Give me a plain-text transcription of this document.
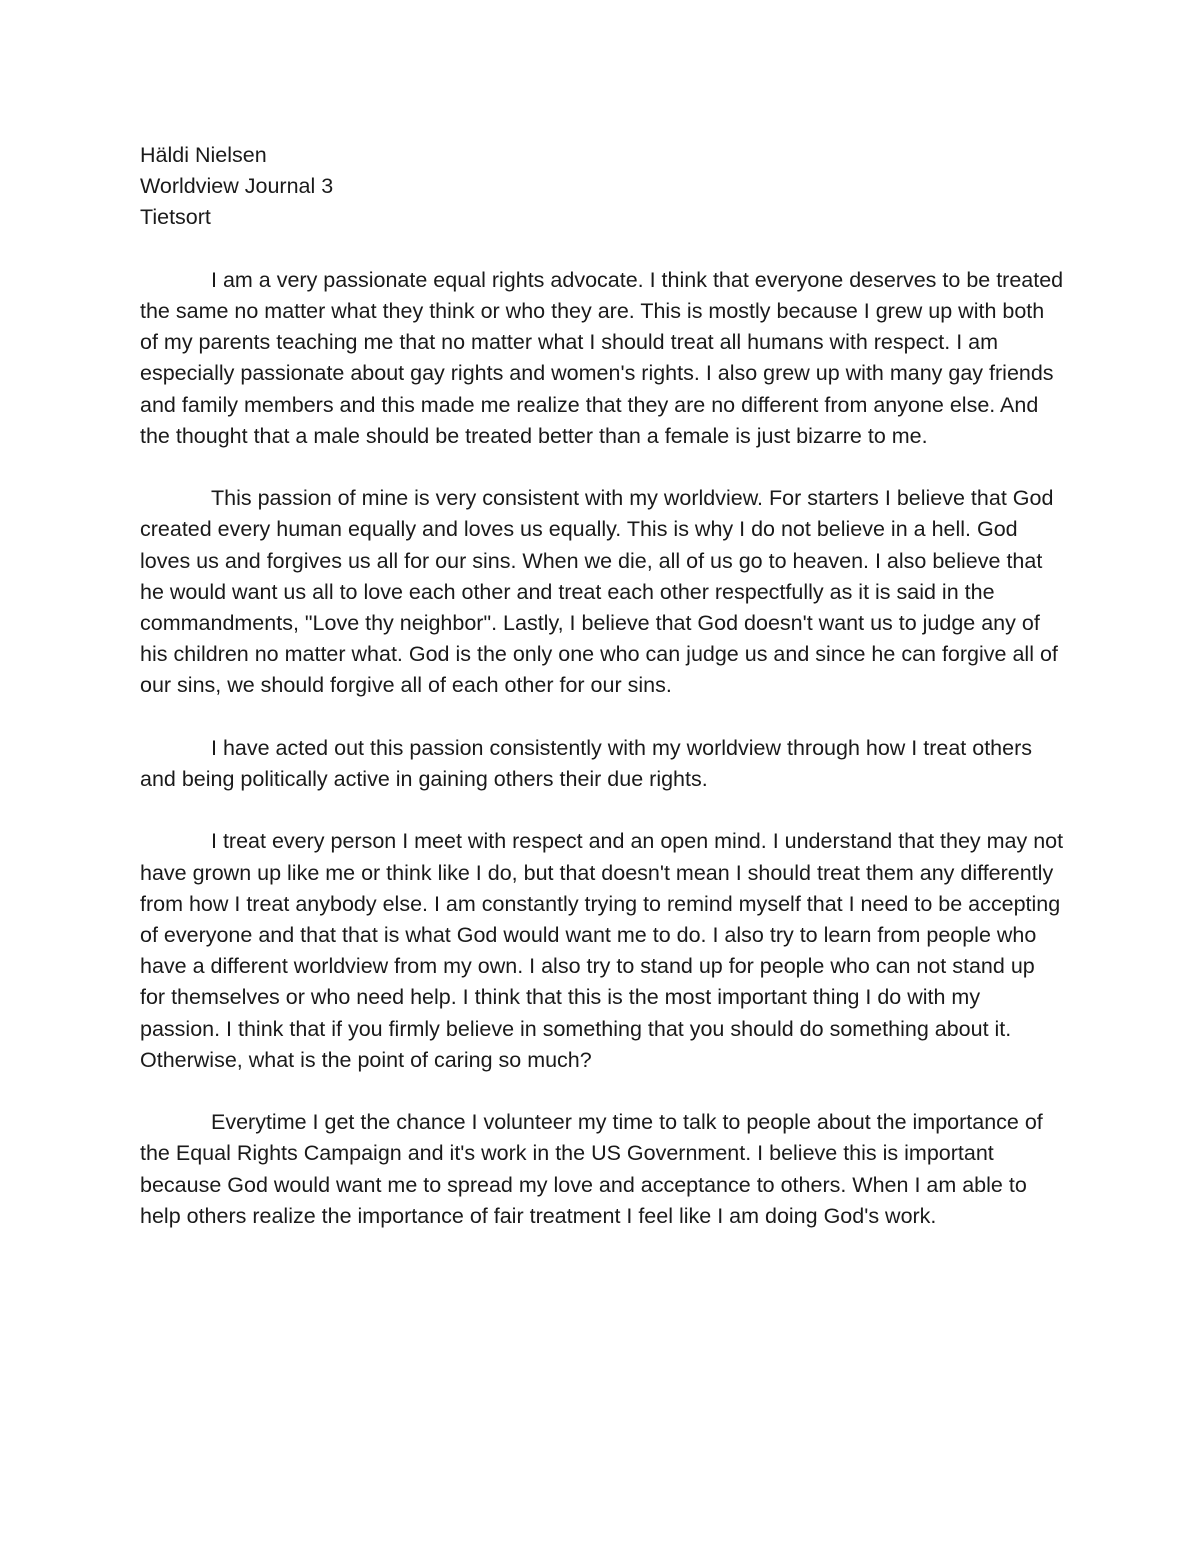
Häldi Nielsen
Worldview Journal 3
Tietsort

I am a very passionate equal rights advocate. I think that everyone deserves to be treated the same no matter what they think or who they are. This is mostly because I grew up with both of my parents teaching me that no matter what I should treat all humans with respect. I am especially passionate about gay rights and women's rights. I also grew up with many gay friends and family members and this made me realize that they are no different from anyone else. And the thought that a male should be treated better than a female is just bizarre to me.

This passion of mine is very consistent with my worldview. For starters I believe that God created every human equally and loves us equally. This is why I do not believe in a hell. God loves us and forgives us all for our sins. When we die, all of us go to heaven. I also believe that he would want us all to love each other and treat each other respectfully as it is said in the commandments, "Love thy neighbor". Lastly, I believe that God doesn't want us to judge any of his children no matter what. God is the only one who can judge us and since he can forgive all of our sins, we should forgive all of each other for our sins.

I have acted out this passion consistently with my worldview through how I treat others and being politically active in gaining others their due rights.

I treat every person I meet with respect and an open mind. I understand that they may not have grown up like me or think like I do, but that doesn't mean I should treat them any differently from how I treat anybody else. I am constantly trying to remind myself that I need to be accepting of everyone and that that is what God would want me to do. I also try to learn from people who have a different worldview from my own. I also try to stand up for people who can not stand up for themselves or who need help. I think that this is the most important thing I do with my passion. I think that if you firmly believe in something that you should do something about it. Otherwise, what is the point of caring so much?

Everytime I get the chance I volunteer my time to talk to people about the importance of the Equal Rights Campaign and it's work in the US Government. I believe this is important because God would want me to spread my love and acceptance to others. When I am able to help others realize the importance of fair treatment I feel like I am doing God's work.
